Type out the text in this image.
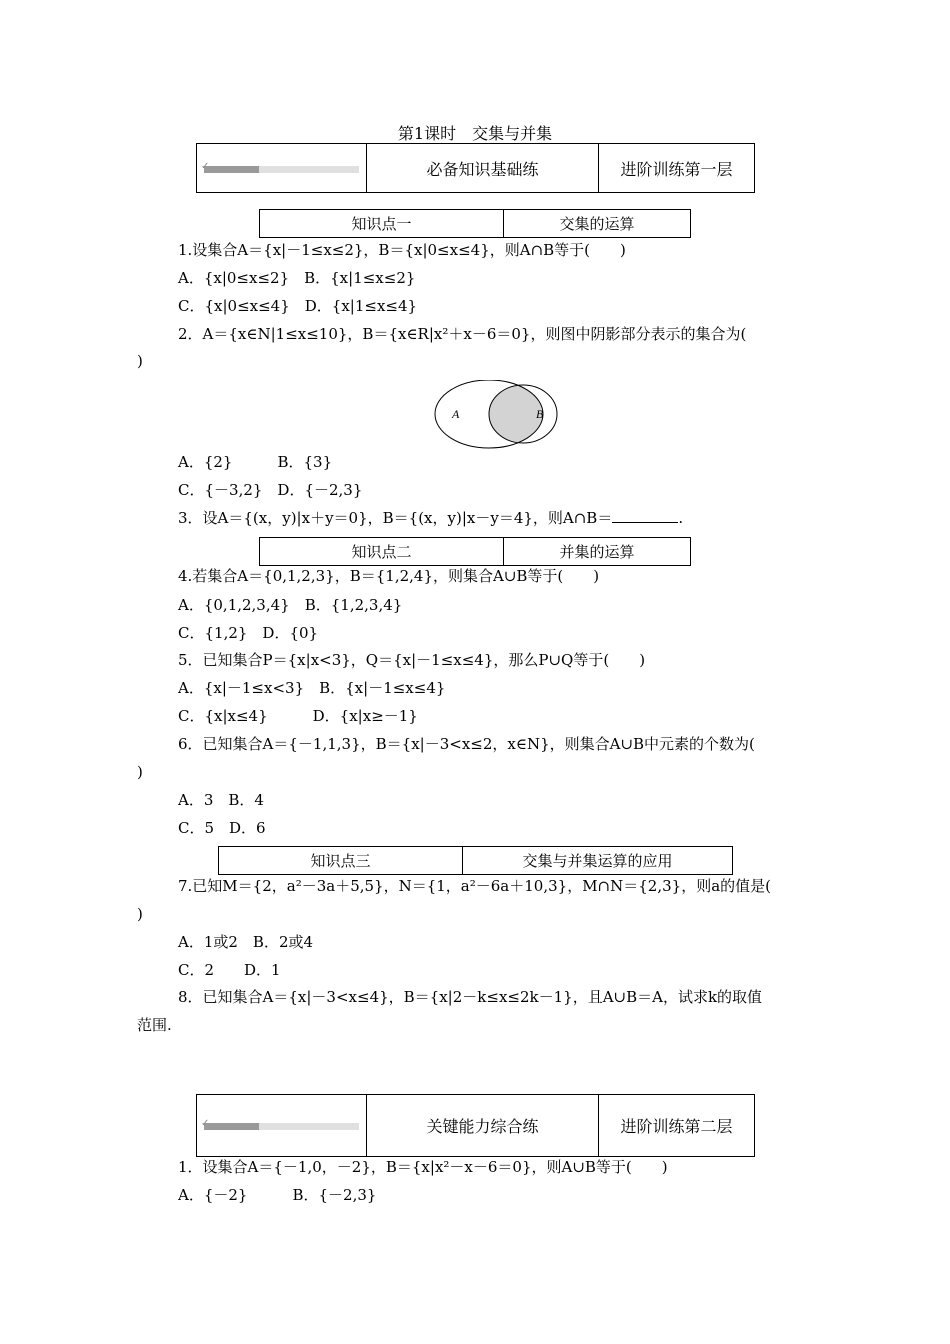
第1课时　交集与并集
✓	必备知识基础练	进阶训练第一层
知识点一	交集的运算
1.设集合A＝{x|－1≤x≤2}，B＝{x|0≤x≤4}，则A∩B等于(　　)
A．{x|0≤x≤2}　B．{x|1≤x≤2}
C．{x|0≤x≤4}　D．{x|1≤x≤4}
2．A＝{x∈N|1≤x≤10}，B＝{x∈R|x²＋x－6＝0}，则图中阴影部分表示的集合为(
)
A	B
A．{2}　　　B．{3}
C．{－3,2}　D．{－2,3}
3．设A＝{(x，y)|x＋y＝0}，B＝{(x，y)|x－y＝4}，则A∩B＝	.
知识点二	并集的运算
4.若集合A＝{0,1,2,3}，B＝{1,2,4}，则集合A∪B等于(　　)
A．{0,1,2,3,4}　B．{1,2,3,4}
C．{1,2}　D．{0}
5．已知集合P＝{x|x<3}，Q＝{x|－1≤x≤4}，那么P∪Q等于(　　)
A．{x|－1≤x<3}　B．{x|－1≤x≤4}
C．{x|x≤4}　　　D．{x|x≥－1}
6．已知集合A＝{－1,1,3}，B＝{x|－3<x≤2，x∈N}，则集合A∪B中元素的个数为(
)
A．3　B．4
C．5　D．6
知识点三	交集与并集运算的应用
7.已知M＝{2，a²－3a＋5,5}，N＝{1，a²－6a＋10,3}，M∩N＝{2,3}，则a的值是(
)
A．1或2　B．2或4
C．2　　D．1
8．已知集合A＝{x|－3<x≤4}，B＝{x|2－k≤x≤2k－1}，且A∪B＝A，试求k的取值
范围.
✓	关键能力综合练	进阶训练第二层
1．设集合A＝{－1,0，－2}，B＝{x|x²－x－6＝0}，则A∪B等于(　　)
A．{－2}　　　B．{－2,3}
